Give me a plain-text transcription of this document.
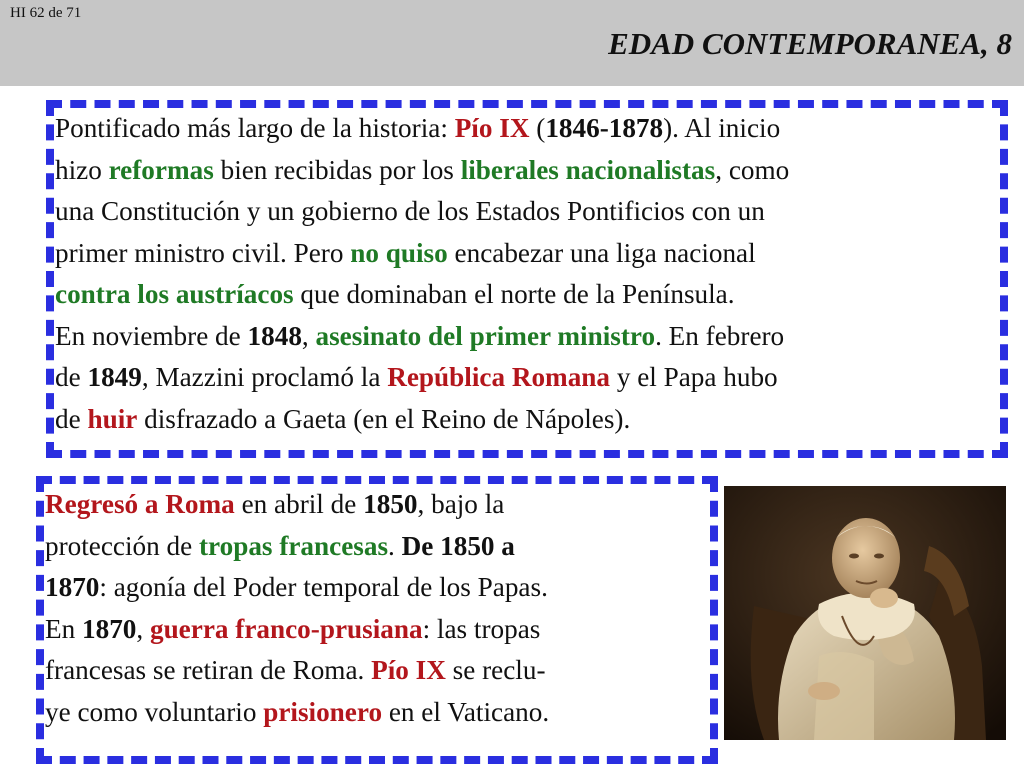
HI 62 de 71
EDAD CONTEMPORANEA, 8
Pontificado más largo de la historia: Pío IX (1846-1878). Al inicio
hizo reformas bien recibidas por los liberales nacionalistas, como
una Constitución y un gobierno de los Estados Pontificios con un
primer ministro civil. Pero no quiso encabezar una liga nacional
contra los austríacos que dominaban el norte de la Península.
En noviembre de 1848, asesinato del primer ministro. En febrero
de 1849, Mazzini proclamó la República Romana y el Papa hubo
de huir disfrazado a Gaeta (en el Reino de Nápoles).
Regresó a Roma en abril de 1850, bajo la
protección de tropas francesas. De 1850 a
1870: agonía del Poder temporal de los Papas.
En 1870, guerra franco-prusiana: las tropas
francesas se retiran de Roma. Pío IX se reclu-
ye como voluntario prisionero en el Vaticano.
